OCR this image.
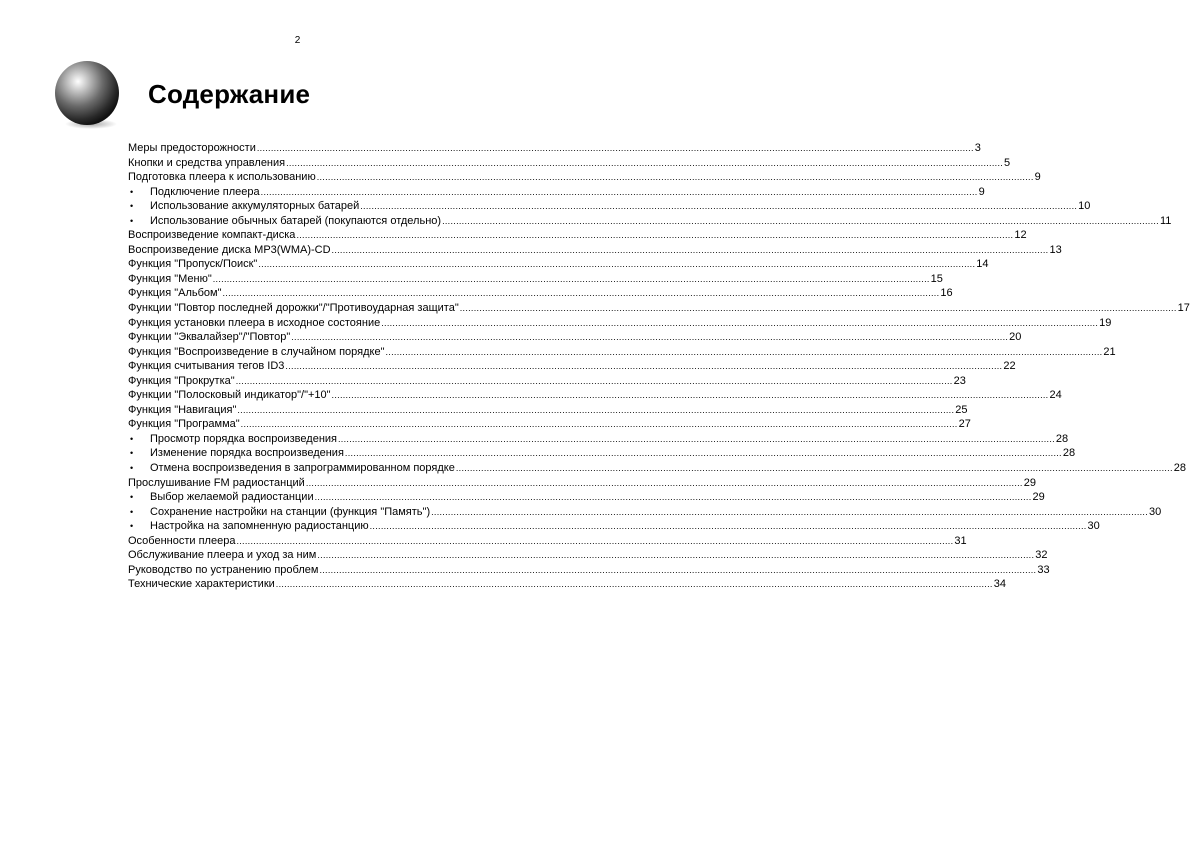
2
Содержание
Меры предосторожности .....	3
Кнопки и средства управления .....	5
Подготовка плеера к использованию .....	9
•	Подключение плеера .....	9
•	Использование аккумуляторных батарей .....	10
•	Использование обычных батарей (покупаются отдельно) .....	11
Воспроизведение компакт-диска .....	12
Воспроизведение диска MP3(WMA)-CD .....	13
Функция "Пропуск/Поиск" .....	14
Функция "Меню" .....	15
Функция "Альбом" .....	16
Функции "Повтор последней дорожки"/"Противоударная защита" .....	17
Функция установки плеера в исходное состояние .....	19
Функции "Эквалайзер"/"Повтор" .....	20
Функция "Воспроизведение в случайном порядке" .....	21
Функция считывания тегов ID3 .....	22
Функция "Прокрутка" .....	23
Функции "Полосковый индикатор"/"+10" .....	24
Функция "Навигация" .....	25
Функция "Программа" .....	27
•	Просмотр порядка воспроизведения .....	28
•	Изменение порядка воспроизведения .....	28
•	Отмена воспроизведения в запрограммированном порядке .....	28
Прослушивание FM радиостанций .....	29
•	Выбор желаемой радиостанции .....	29
•	Сохранение настройки на станции (функция "Память") .....	30
•	Настройка на запомненную радиостанцию .....	30
Особенности плеера .....	31
Обслуживание плеера и уход за ним .....	32
Руководство по устранению проблем .....	33
Технические характеристики .....	34
